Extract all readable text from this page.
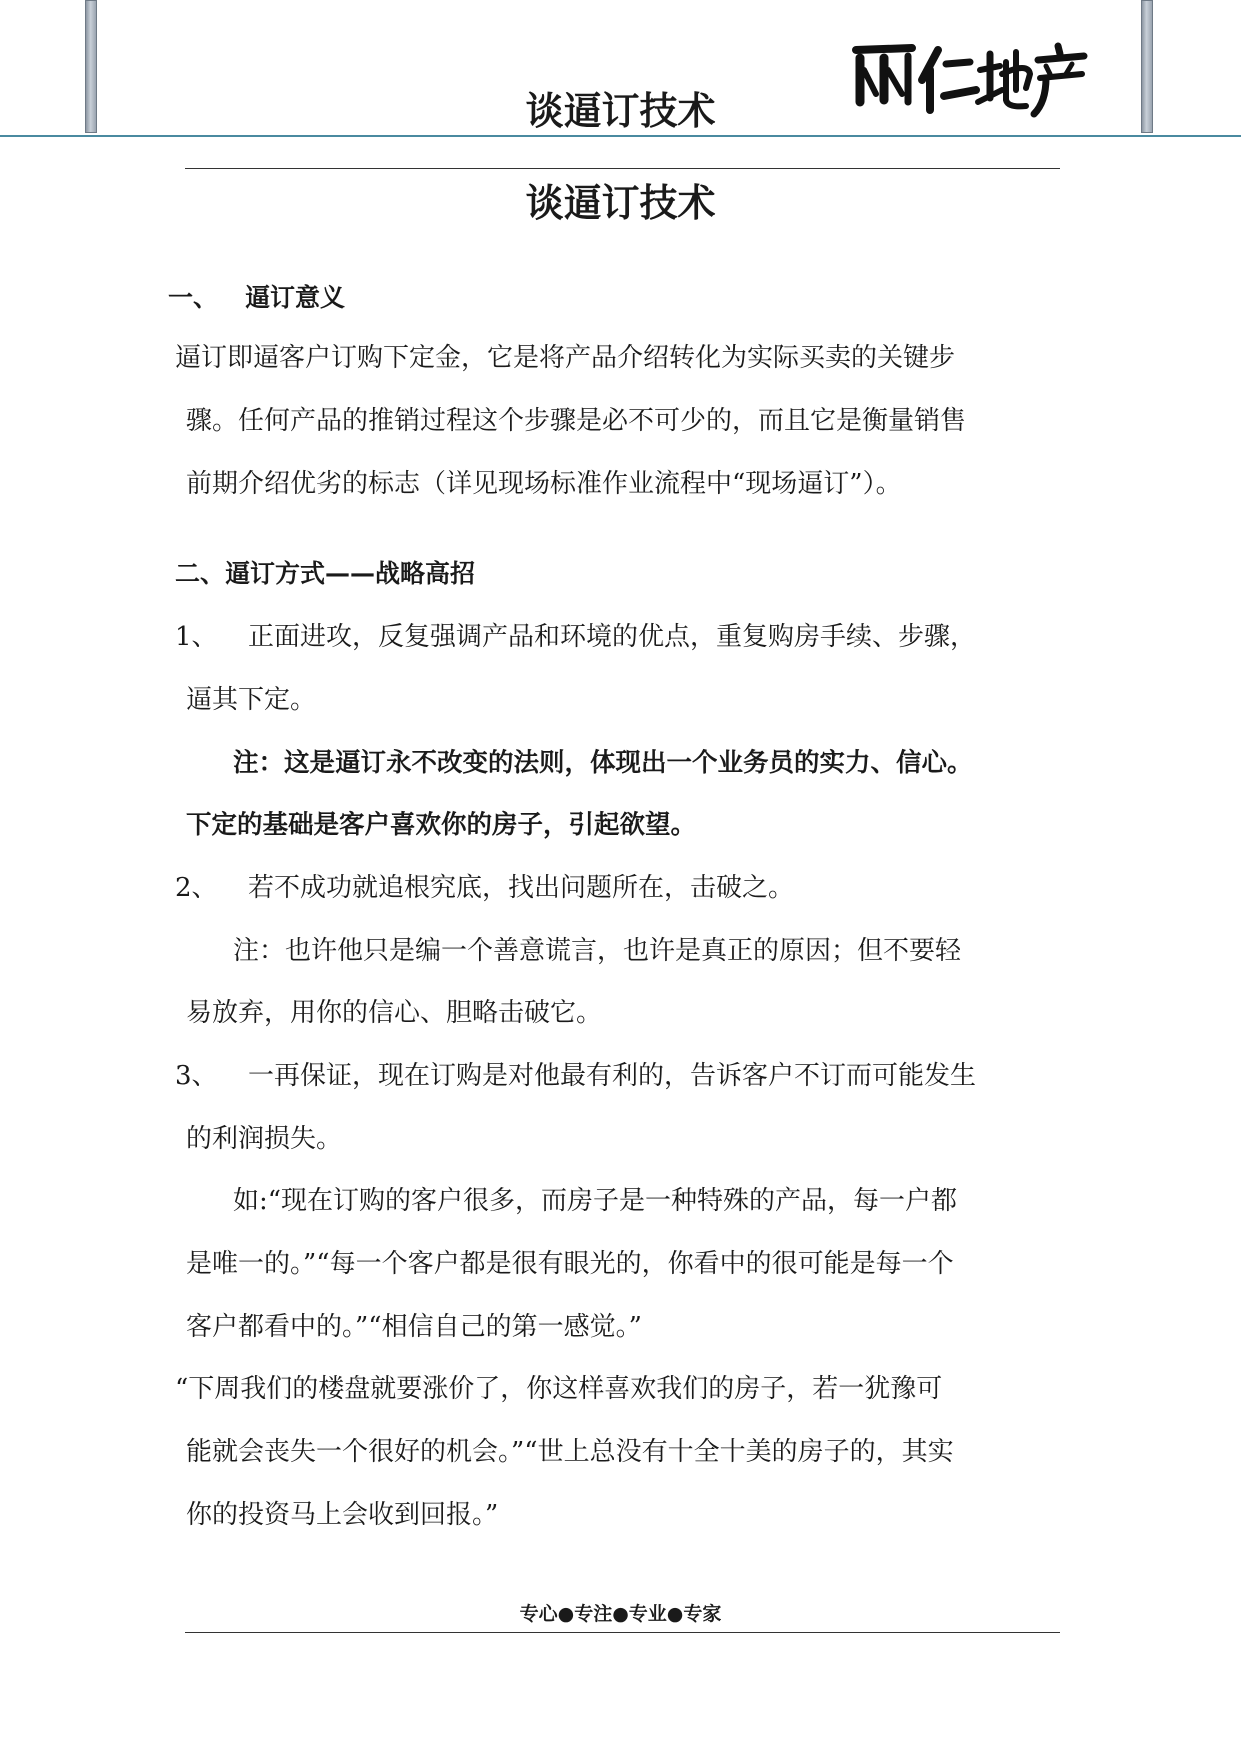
谈逼订技术
谈逼订技术
一、 逼订意义
逼订即逼客户订购下定金，它是将产品介绍转化为实际买卖的关键步
骤。任何产品的推销过程这个步骤是必不可少的，而且它是衡量销售
前期介绍优劣的标志（详见现场标准作业流程中“现场逼订”）。
二、逼订方式——战略高招
1、 正面进攻，反复强调产品和环境的优点，重复购房手续、步骤，
逼其下定。
注：这是逼订永不改变的法则，体现出一个业务员的实力、信心。
下定的基础是客户喜欢你的房子，引起欲望。
2、 若不成功就追根究底，找出问题所在，击破之。
注：也许他只是编一个善意谎言，也许是真正的原因；但不要轻
易放弃，用你的信心、胆略击破它。
3、 一再保证，现在订购是对他最有利的，告诉客户不订而可能发生
的利润损失。
如:“现在订购的客户很多，而房子是一种特殊的产品，每一户都
是唯一的。”“每一个客户都是很有眼光的，你看中的很可能是每一个
客户都看中的。”“相信自己的第一感觉。”
“下周我们的楼盘就要涨价了，你这样喜欢我们的房子，若一犹豫可
能就会丧失一个很好的机会。”“世上总没有十全十美的房子的，其实
你的投资马上会收到回报。”
专心●专注●专业●专家
